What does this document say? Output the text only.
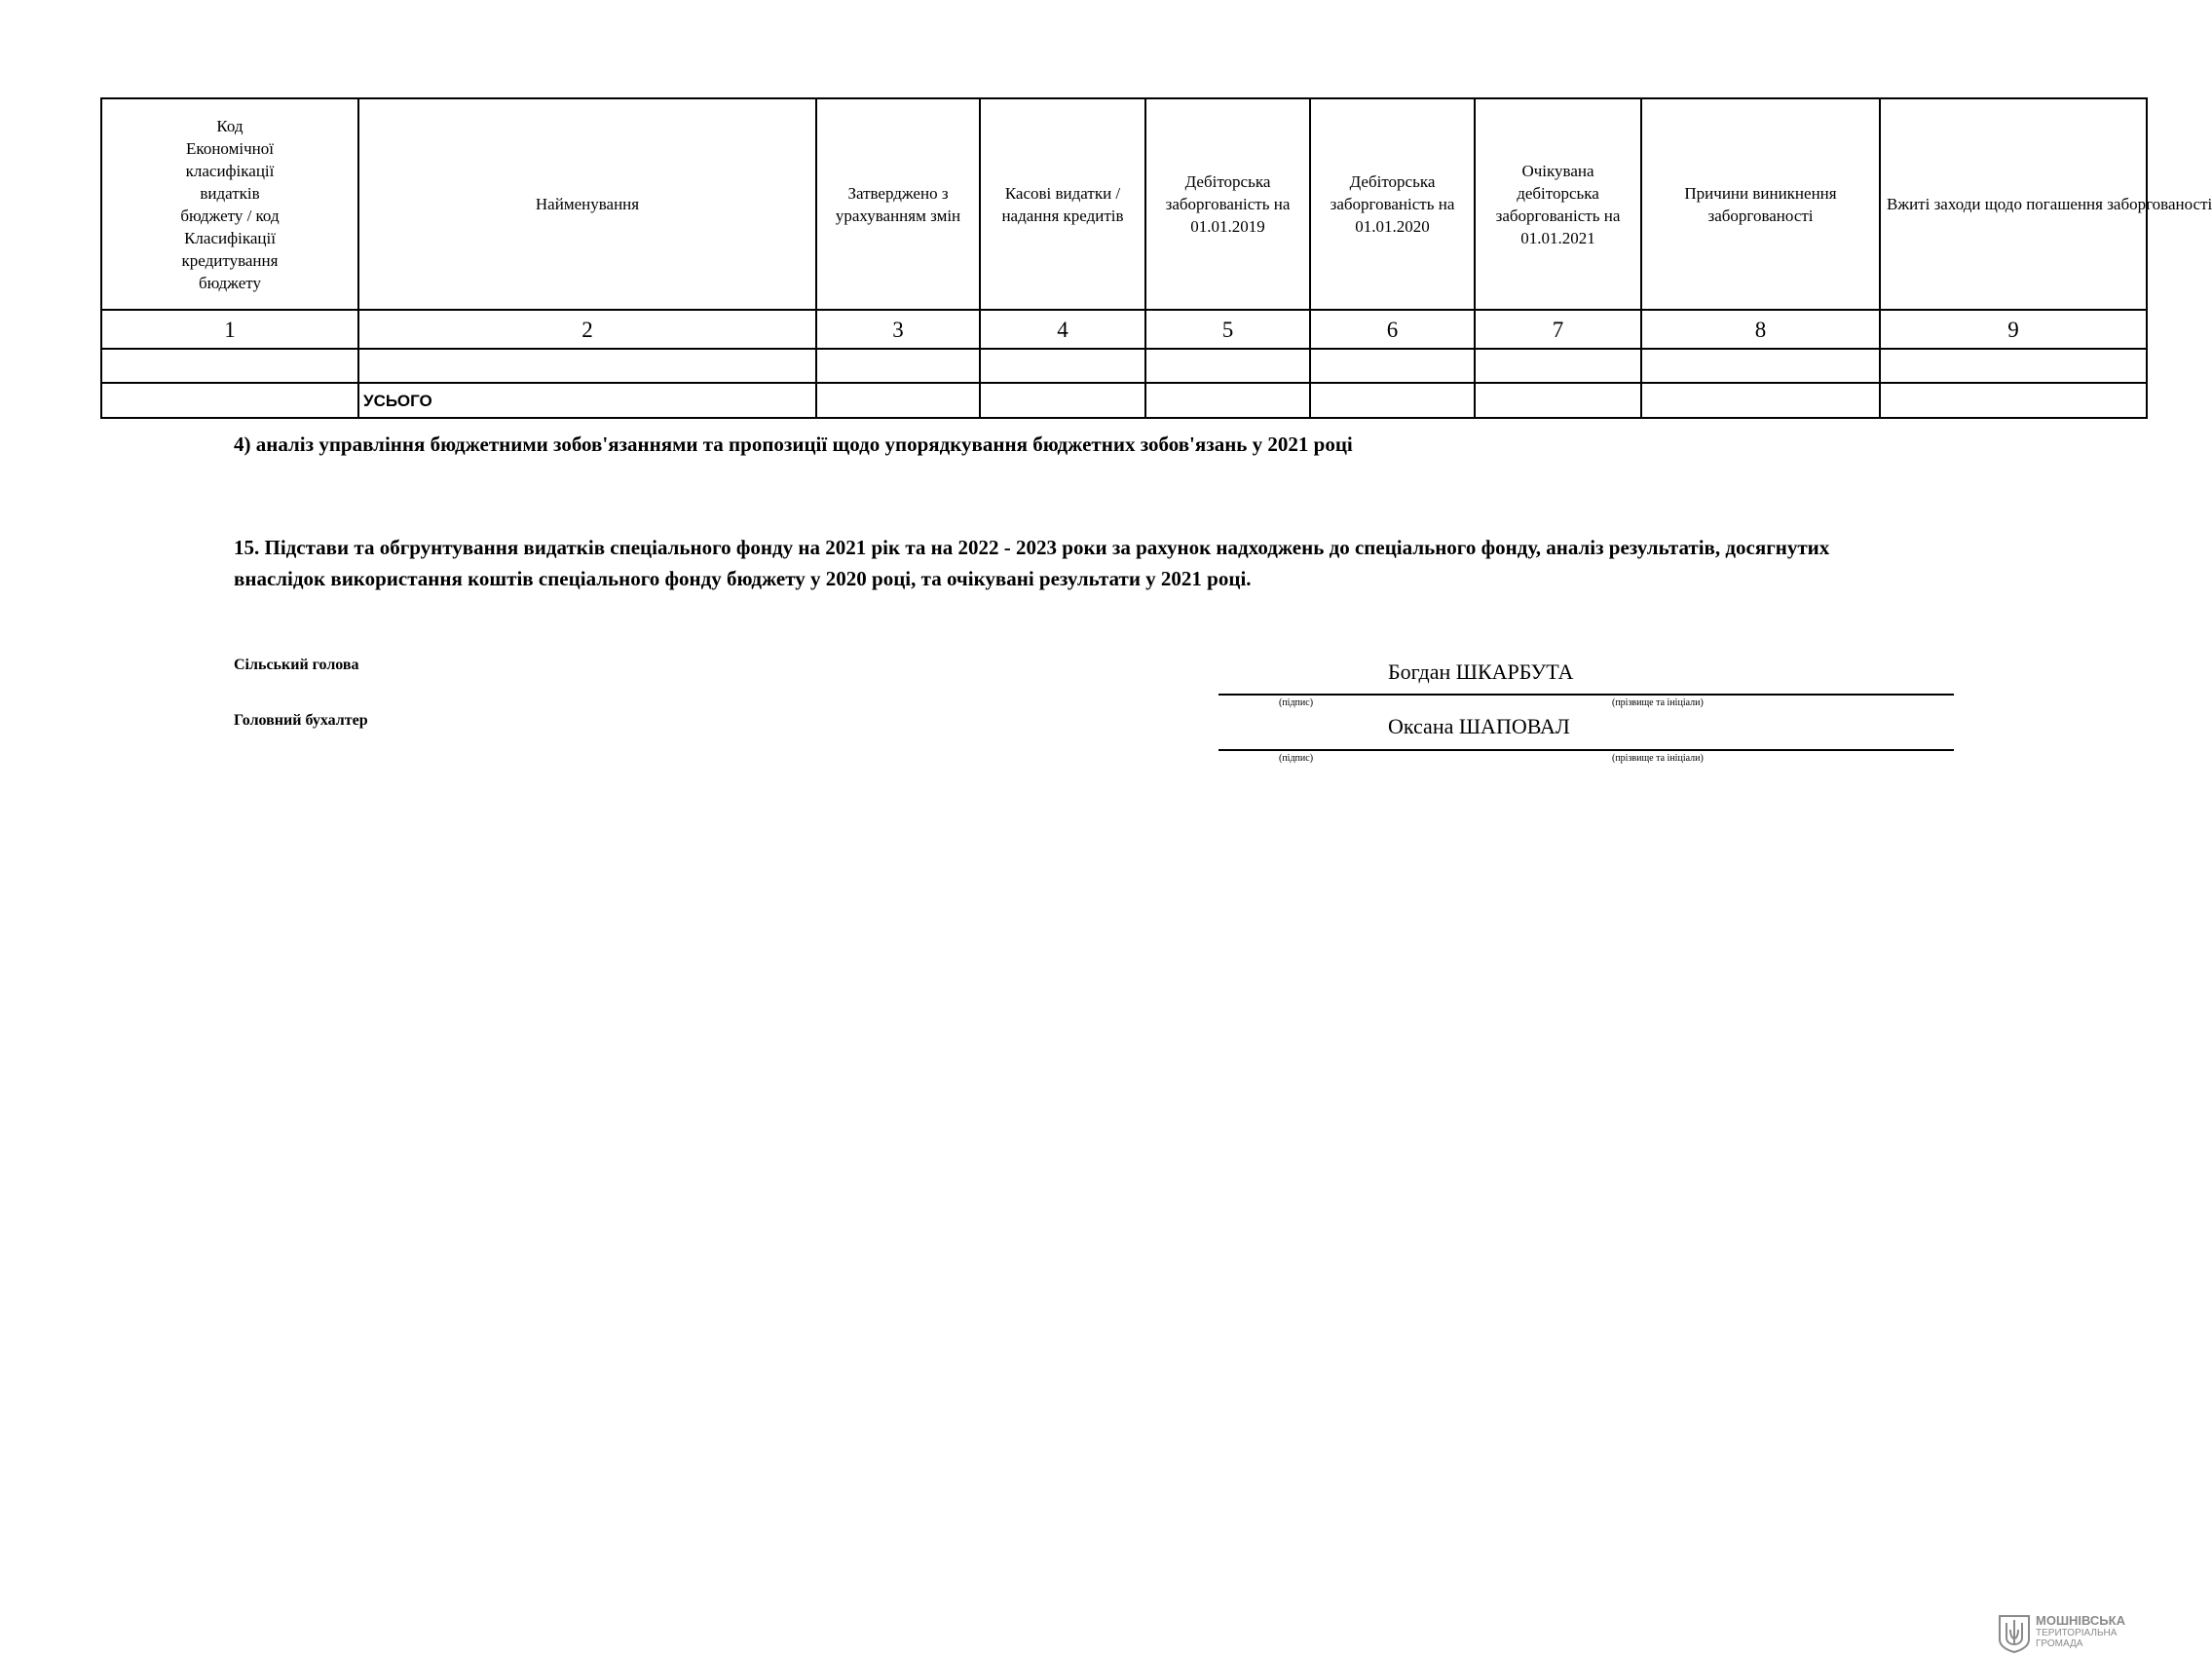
Код Економічної класифікації видатків бюджету / код Класифікації кредитування бюджету	Найменування	Затверджено з урахуванням змін	Касові видатки / надання кредитів	Дебіторська заборгованість на 01.01.2019	Дебіторська заборгованість на 01.01.2020	Очікувана дебіторська заборгованість на 01.01.2021	Причини виникнення заборгованості	Вжиті заходи щодо погашення заборгованості

1	2	3	4	5	6	7	8	9

	УСЬОГО							

4) аналіз управління бюджетними зобов'язаннями та пропозиції щодо упорядкування бюджетних зобов'язань у 2021 році
15. Підстави та обгрунтування видатків спеціального фонду на 2021 рік та на 2022 - 2023 роки за рахунок надходжень до спеціального фонду, аналіз результатів, досягнутих
внаслідок використання коштів спеціального фонду бюджету у 2020 році, та очікувані результати у 2021 році.
Сільський голова	Богдан ШКАРБУТА
(підпис)	(прізвище та ініціали)
Головний бухалтер	Оксана ШАПОВАЛ
(підпис)	(прізвище та ініціали)
МОШНІВСЬКА
ТЕРИТОРІАЛЬНА
ГРОМАДА
